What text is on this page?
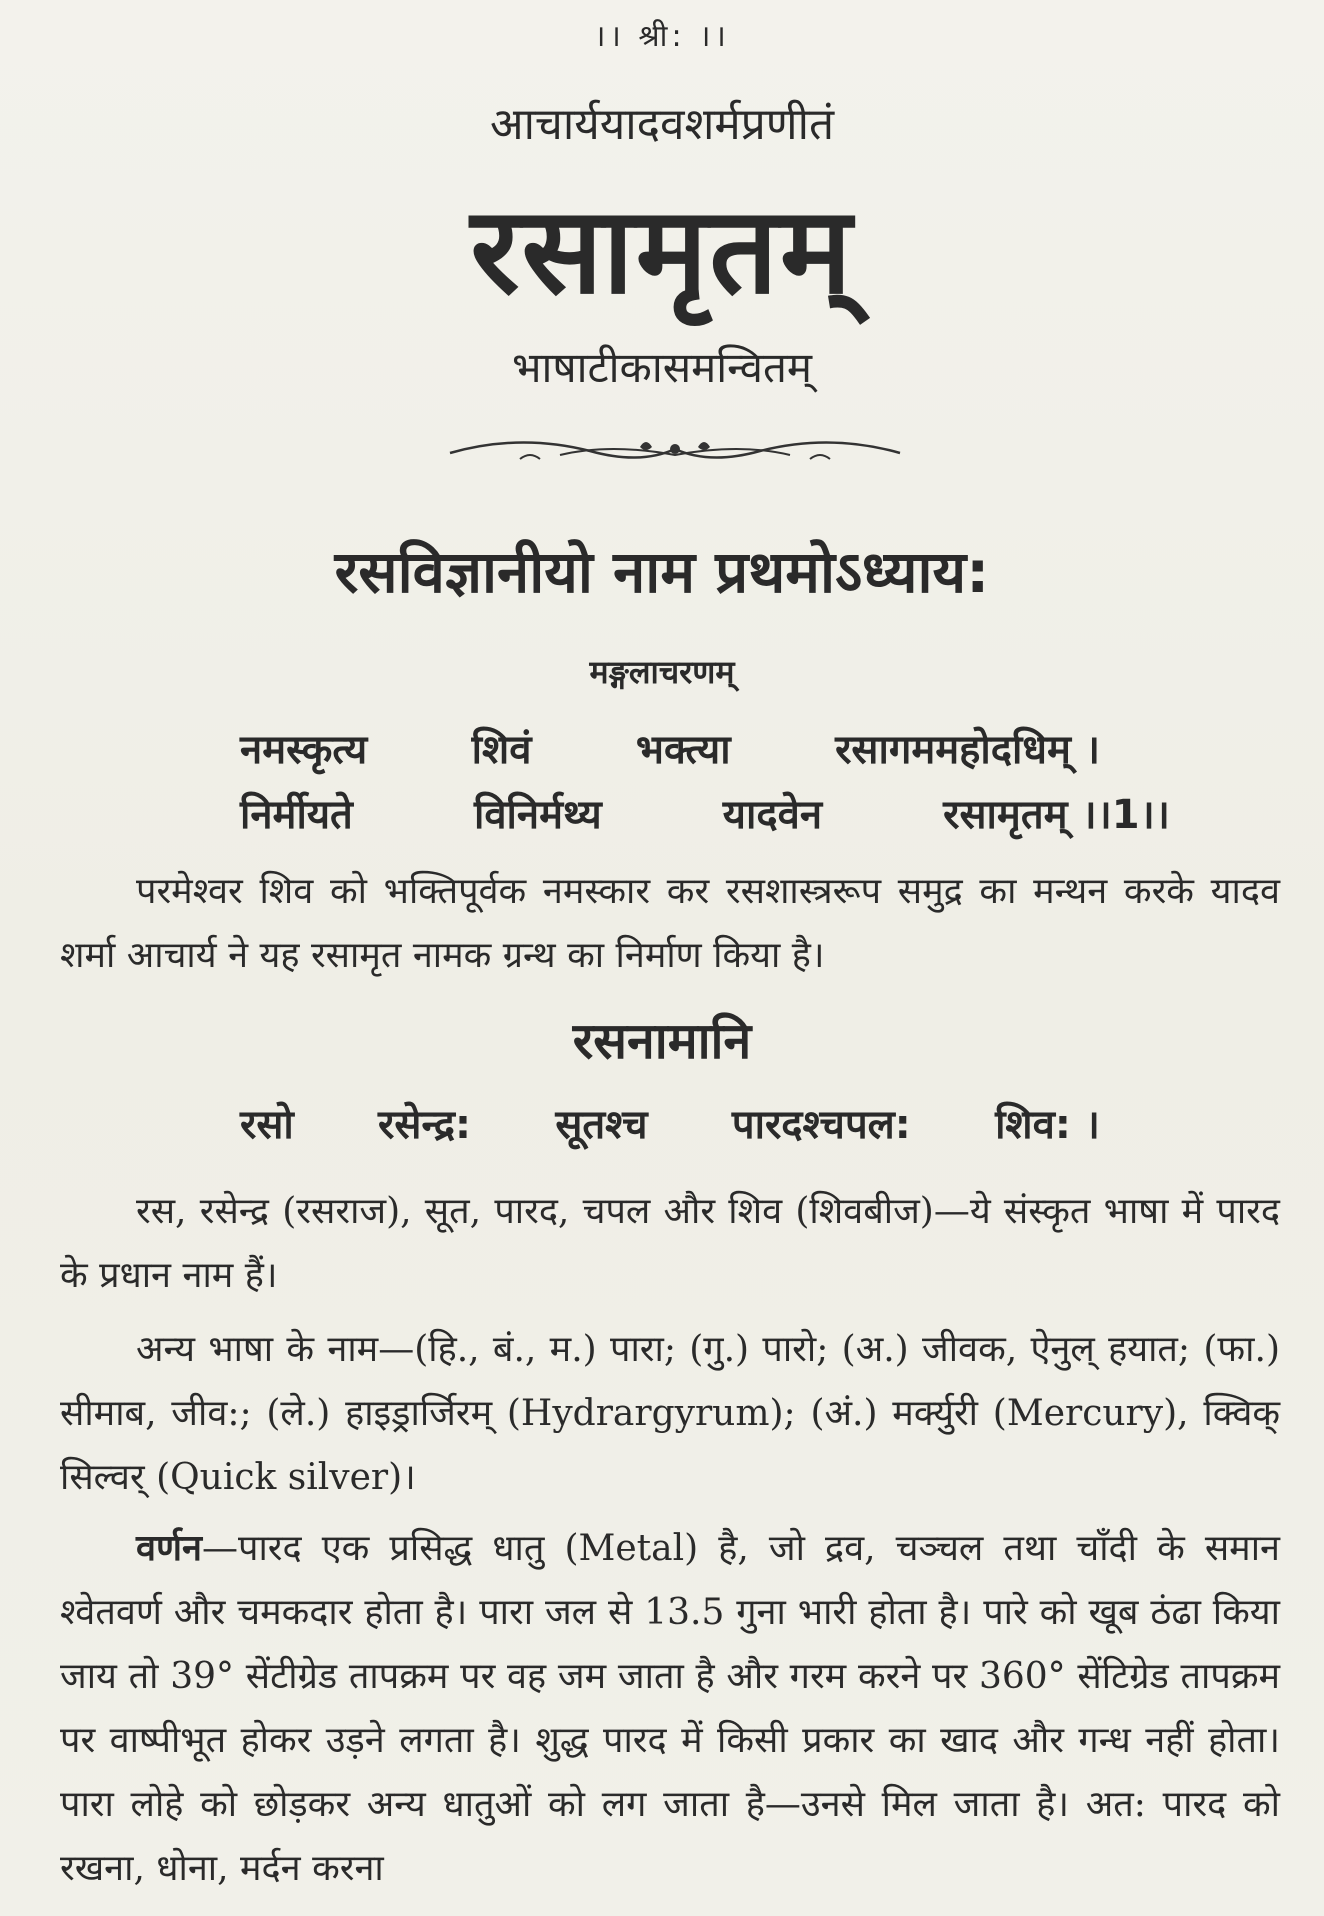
।। श्री: ।।
आचार्ययादवशर्मप्रणीतं
रसामृतम्
भाषाटीकासमन्वितम्
रसविज्ञानीयो नाम प्रथमोऽध्याय:
मङ्गलाचरणम्
नमस्कृत्य	शिवं	भक्त्या	रसागममहोदधिम् ।
निर्मीयते	विनिर्मथ्य	यादवेन	रसामृतम् ।।1।।
परमेश्वर शिव को भक्तिपूर्वक नमस्कार कर रसशास्त्ररूप समुद्र का मन्थन करके यादव शर्मा आचार्य ने यह रसामृत नामक ग्रन्थ का निर्माण किया है।
रसनामानि
रसो रसेन्द्र: सूतश्च पारदश्चपल: शिव: ।
रस, रसेन्द्र (रसराज), सूत, पारद, चपल और शिव (शिवबीज)—ये संस्कृत भाषा में पारद के प्रधान नाम हैं।
अन्य भाषा के नाम—(हि., बं., म.) पारा; (गु.) पारो; (अ.) जीवक, ऐनुल् हयात; (फा.) सीमाब, जीव:; (ले.) हाइड्रार्जिरम् (Hydrargyrum); (अं.) मर्क्युरी (Mercury), क्विक् सिल्वर् (Quick silver)।
वर्णन—पारद एक प्रसिद्ध धातु (Metal) है, जो द्रव, चञ्चल तथा चाँदी के समान श्वेतवर्ण और चमकदार होता है। पारा जल से 13.5 गुना भारी होता है। पारे को खूब ठंढा किया जाय तो 39° सेंटीग्रेड तापक्रम पर वह जम जाता है और गरम करने पर 360° सेंटिग्रेड तापक्रम पर वाष्पीभूत होकर उड़ने लगता है। शुद्ध पारद में किसी प्रकार का खाद और गन्ध नहीं होता। पारा लोहे को छोड़कर अन्य धातुओं को लग जाता है—उनसे मिल जाता है। अत: पारद को रखना, धोना, मर्दन करना
